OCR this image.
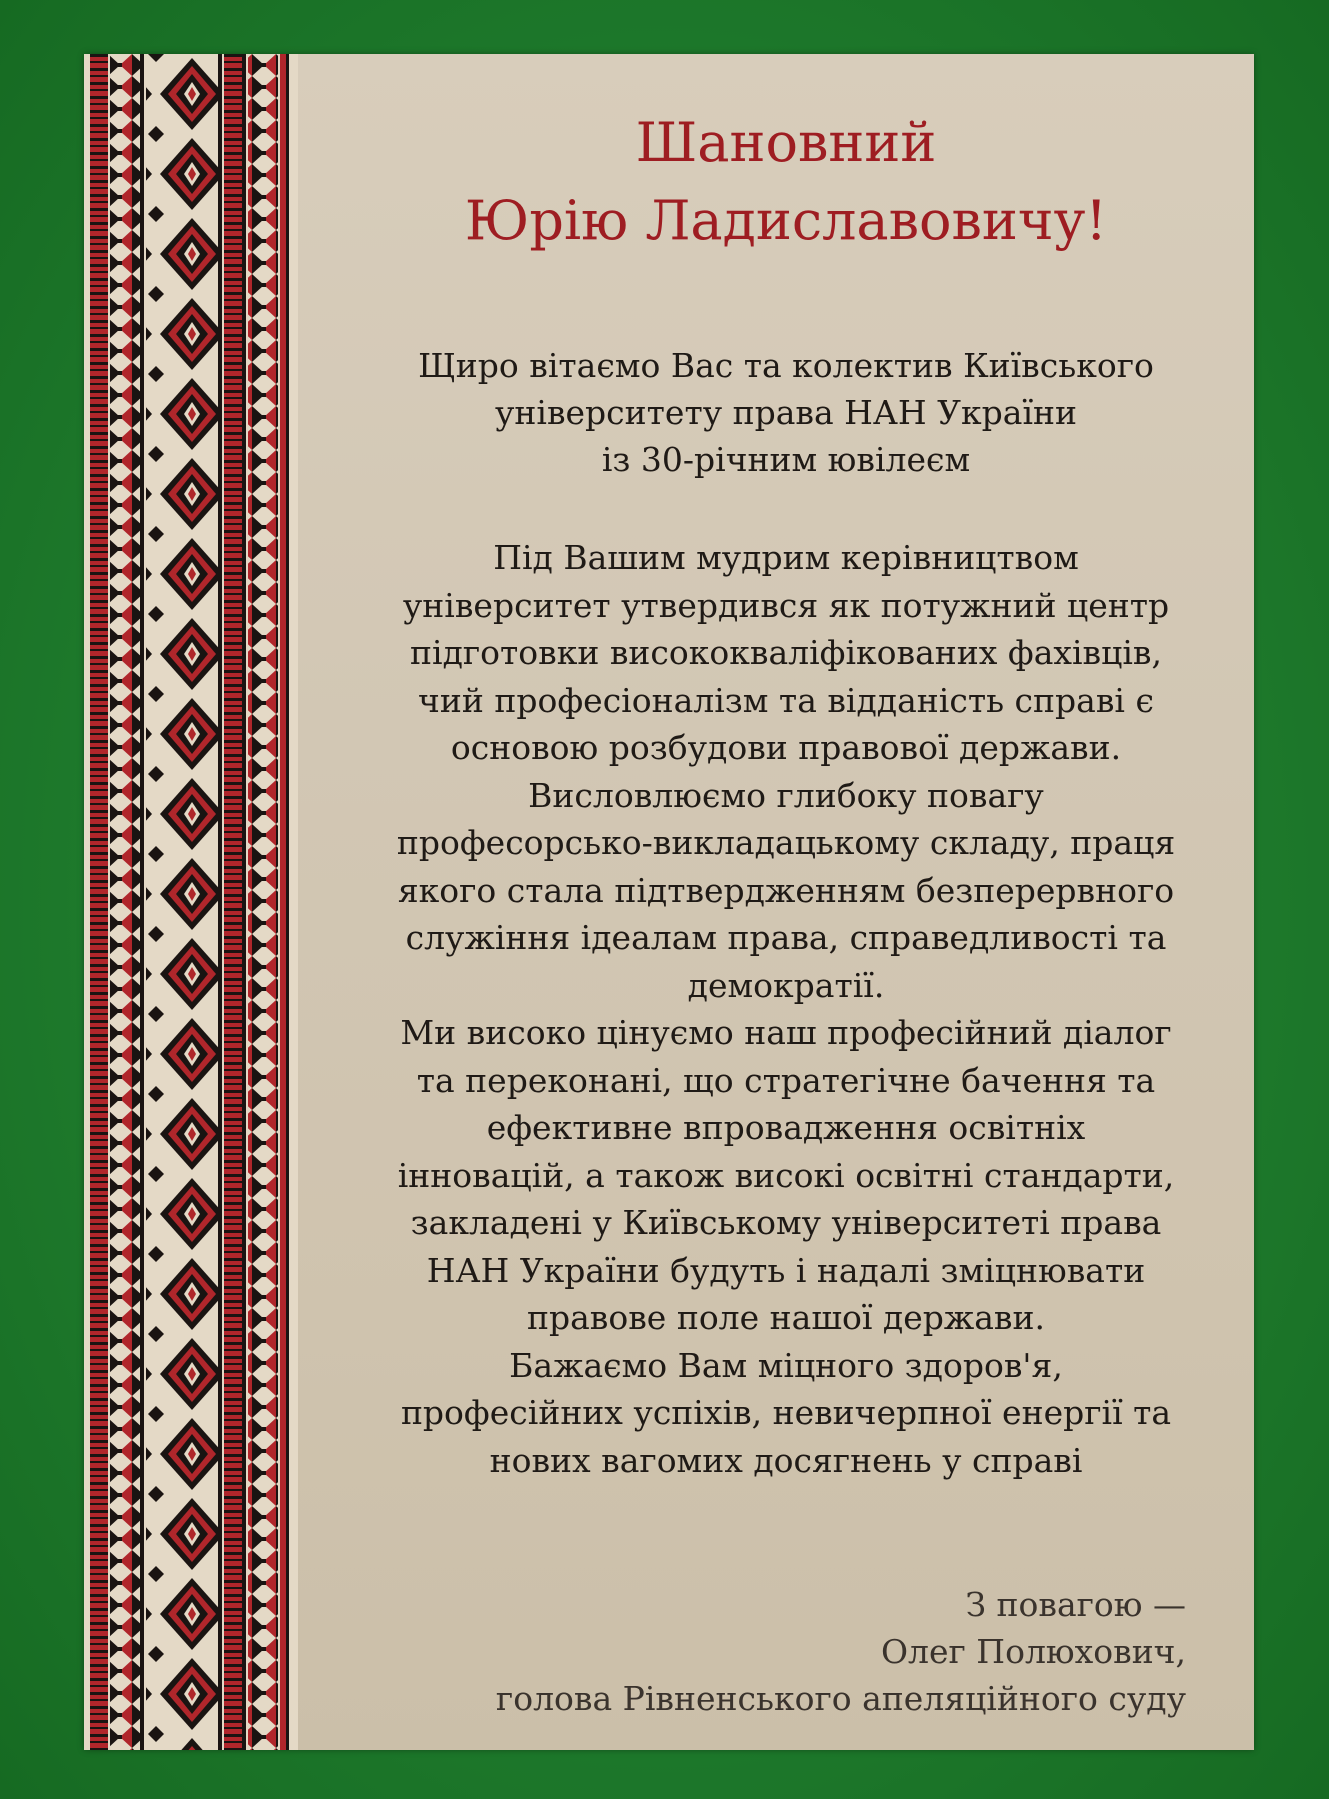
Шановний
Юрію Ладиславовичу!

Щиро вітаємо Вас та колектив Київського
університету права НАН України
із 30-річним ювілеєм

Під Вашим мудрим керівництвом
університет утвердився як потужний центр
підготовки висококваліфікованих фахівців,
чий професіоналізм та відданість справі є
основою розбудови правової держави.
Висловлюємо глибоку повагу
професорсько-викладацькому складу, праця
якого стала підтвердженням безперервного
служіння ідеалам права, справедливості та
демократії.
Ми високо цінуємо наш професійний діалог
та переконані, що стратегічне бачення та
ефективне впровадження освітніх
інновацій, а також високі освітні стандарти,
закладені у Київському університеті права
НАН України будуть і надалі зміцнювати
правове поле нашої держави.
Бажаємо Вам міцного здоров'я,
професійних успіхів, невичерпної енергії та
нових вагомих досягнень у справі

З повагою —
Олег Полюхович,
голова Рівненського апеляційного суду
